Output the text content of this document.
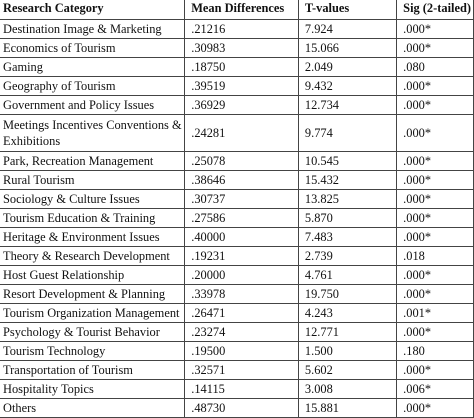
Research Category	Mean Differences	T-values	Sig (2-tailed)
Destination Image & Marketing	.21216	7.924	.000*
Economics of Tourism	.30983	15.066	.000*
Gaming	.18750	2.049	.080
Geography of Tourism	.39519	9.432	.000*
Government and Policy Issues	.36929	12.734	.000*
Meetings Incentives Conventions & Exhibitions	.24281	9.774	.000*
Park, Recreation Management	.25078	10.545	.000*
Rural Tourism	.38646	15.432	.000*
Sociology & Culture Issues	.30737	13.825	.000*
Tourism Education & Training	.27586	5.870	.000*
Heritage & Environment Issues	.40000	7.483	.000*
Theory & Research Development	.19231	2.739	.018
Host Guest Relationship	.20000	4.761	.000*
Resort Development & Planning	.33978	19.750	.000*
Tourism Organization Management	.26471	4.243	.001*
Psychology & Tourist Behavior	.23274	12.771	.000*
Tourism Technology	.19500	1.500	.180
Transportation of Tourism	.32571	5.602	.000*
Hospitality Topics	.14115	3.008	.006*
Others	.48730	15.881	.000*
